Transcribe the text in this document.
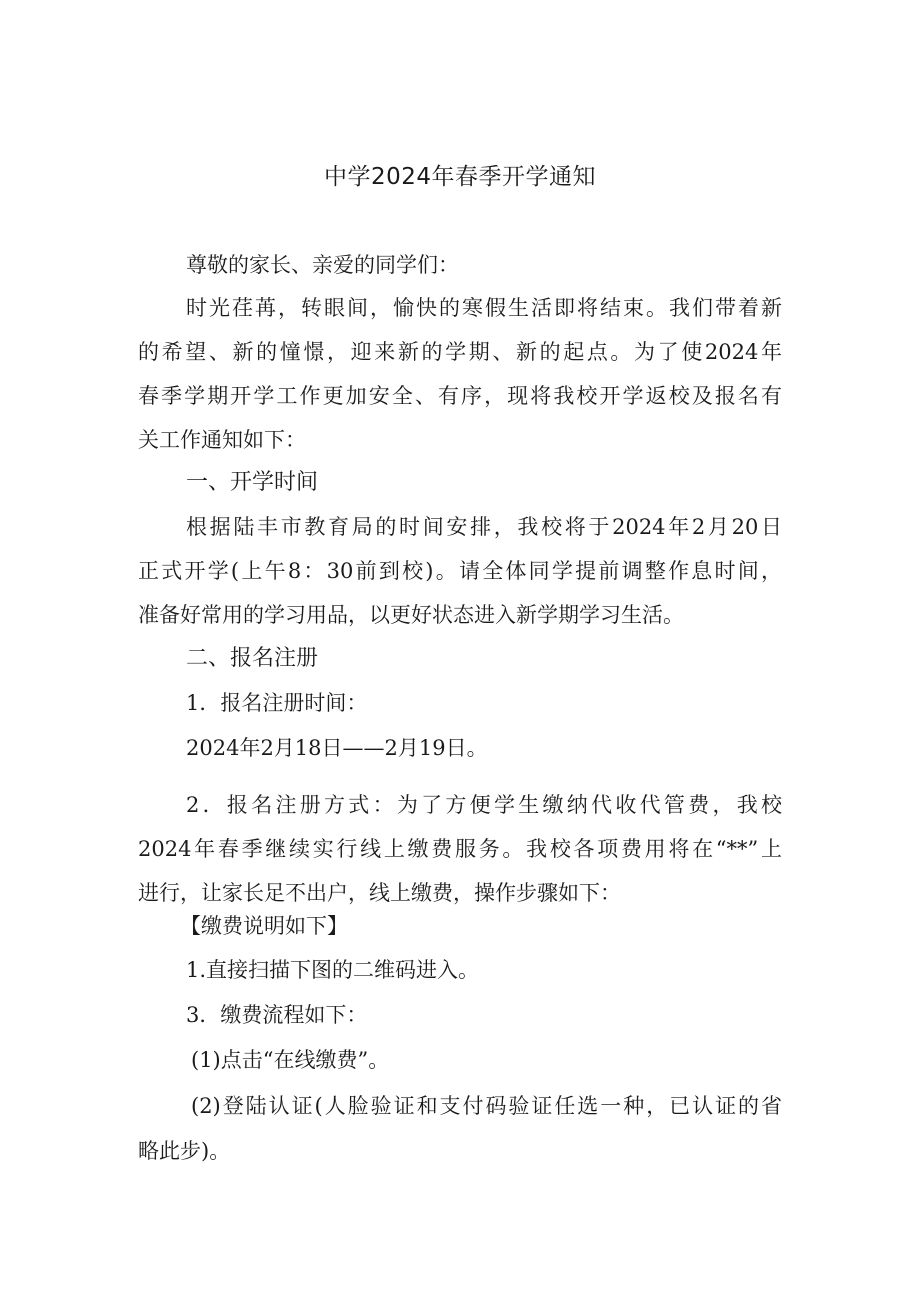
中学2024年春季开学通知
尊敬的家长、亲爱的同学们：
时光荏苒，转眼间，愉快的寒假生活即将结束。我们带着新
的希望、新的憧憬，迎来新的学期、新的起点。为了使2024年
春季学期开学工作更加安全、有序，现将我校开学返校及报名有
关工作通知如下：
一、开学时间
根据陆丰市教育局的时间安排，我校将于2024年2月20日
正式开学(上午8：30前到校)。请全体同学提前调整作息时间，
准备好常用的学习用品，以更好状态进入新学期学习生活。
二、报名注册
1．报名注册时间：
2024年2月18日——2月19日。
2．报名注册方式：为了方便学生缴纳代收代管费，我校
2024年春季继续实行线上缴费服务。我校各项费用将在“**”上
进行，让家长足不出户，线上缴费，操作步骤如下：
【缴费说明如下】
1.直接扫描下图的二维码进入。
3．缴费流程如下：
(1)点击“在线缴费”。
(2)登陆认证(人脸验证和支付码验证任选一种，已认证的省
略此步)。
